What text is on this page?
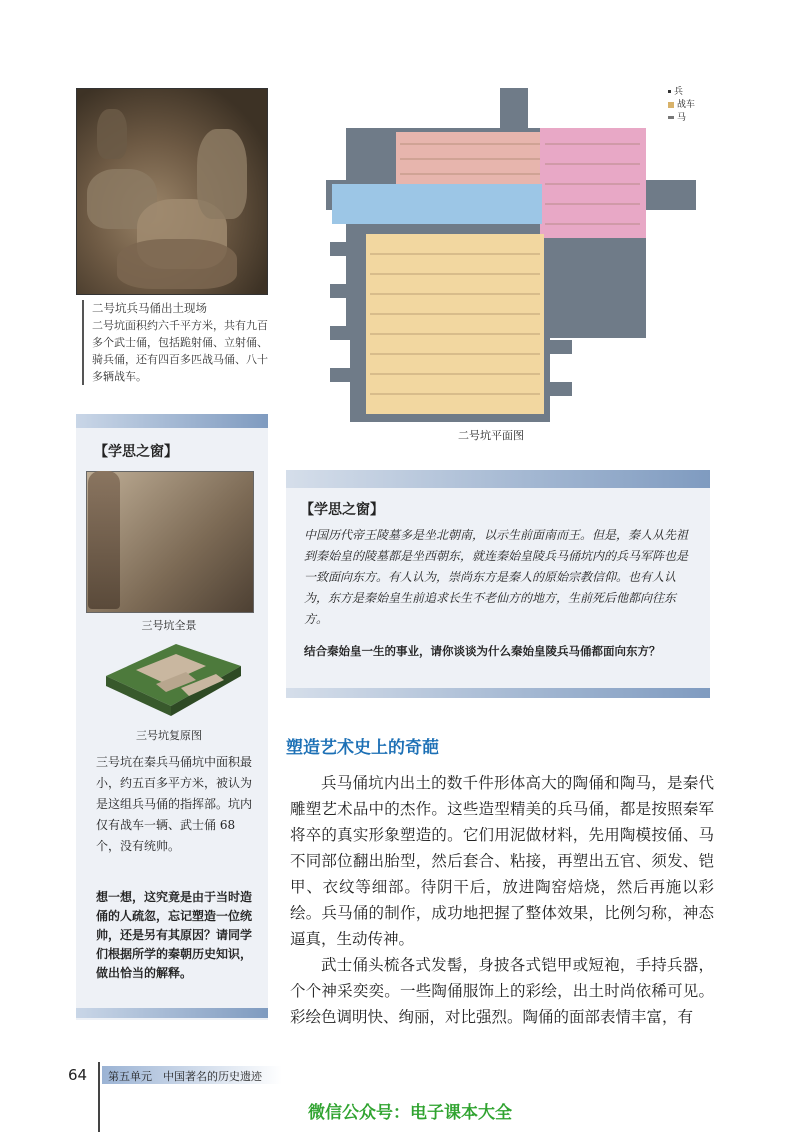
二号坑兵马俑出土现场
二号坑面积约六千平方米，共有九百多个武士俑，包括跪射俑、立射俑、骑兵俑，还有四百多匹战马俑、八十多辆战车。
【学思之窗】
三号坑全景
三号坑复原图
三号坑在秦兵马俑坑中面积最小，约五百多平方米，被认为是这组兵马俑的指挥部。坑内仅有战车一辆、武士俑 68 个，没有统帅。
想一想，这究竟是由于当时造俑的人疏忽，忘记塑造一位统帅，还是另有其原因？请同学们根据所学的秦朝历史知识，做出恰当的解释。
兵
战车
马
二号坑平面图
【学思之窗】
中国历代帝王陵墓多是坐北朝南，以示生前面南而王。但是，秦人从先祖到秦始皇的陵墓都是坐西朝东，就连秦始皇陵兵马俑坑内的兵马军阵也是一致面向东方。有人认为，崇尚东方是秦人的原始宗教信仰。也有人认为，东方是秦始皇生前追求长生不老仙方的地方，生前死后他都向往东方。
结合秦始皇一生的事业，请你谈谈为什么秦始皇陵兵马俑都面向东方？
塑造艺术史上的奇葩

兵马俑坑内出土的数千件形体高大的陶俑和陶马，是秦代雕塑艺术品中的杰作。这些造型精美的兵马俑，都是按照秦军将卒的真实形象塑造的。它们用泥做材料，先用陶模按俑、马不同部位翻出胎型，然后套合、粘接，再塑出五官、须发、铠甲、衣纹等细部。待阴干后，放进陶窑焙烧，然后再施以彩绘。兵马俑的制作，成功地把握了整体效果，比例匀称，神态逼真，生动传神。

武士俑头梳各式发髻，身披各式铠甲或短袍，手持兵器，个个神采奕奕。一些陶俑服饰上的彩绘，出土时尚依稀可见。彩绘色调明快、绚丽，对比强烈。陶俑的面部表情丰富，有

64 第五单元　中国著名的历史遗迹
微信公众号：电子课本大全
